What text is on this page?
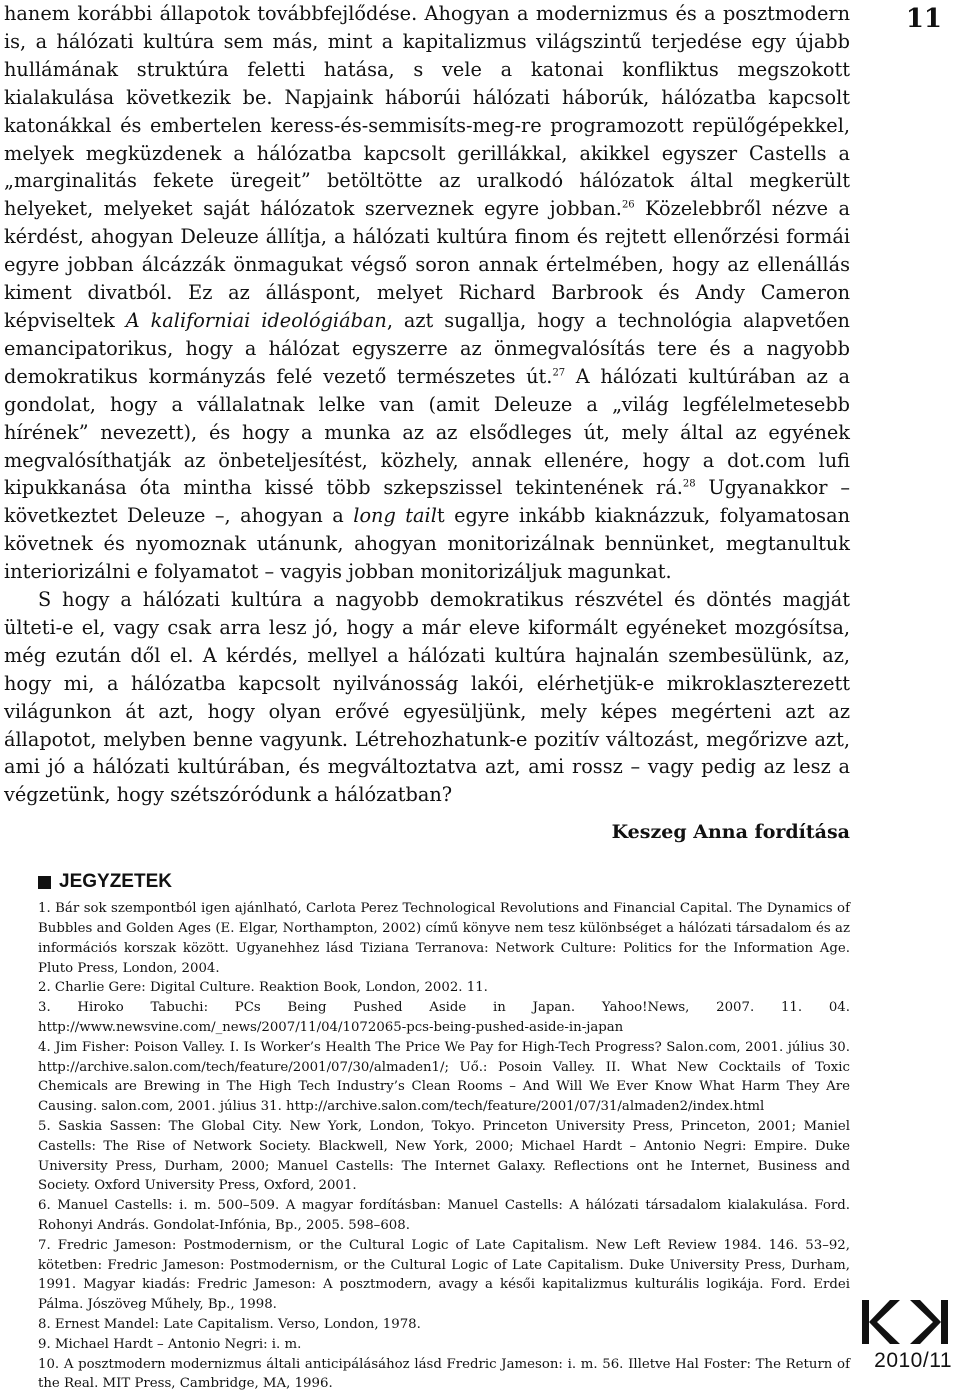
11

hanem korábbi állapotok továbbfejlődése. Ahogyan a modernizmus és a posztmodern is, a hálózati kultúra sem más, mint a kapitalizmus világszintű terjedése egy újabb hullámának struktúra feletti hatása, s vele a katonai konfliktus megszokott kialakulása következik be. Napjaink háborúi hálózati háborúk, hálózatba kapcsolt katonákkal és embertelen keress-és-semmisíts-meg-re programozott repülőgépekkel, melyek megküzdenek a hálózatba kapcsolt gerillákkal, akikkel egyszer Castells a „marginalitás fekete üregeit” betöltötte az uralkodó hálózatok által megkerült helyeket, melyeket saját hálózatok szerveznek egyre jobban.$^{26}$ Közelebbről nézve a kérdést, ahogyan Deleuze állítja, a hálózati kultúra finom és rejtett ellenőrzési formái egyre jobban álcázzák önmagukat végső soron annak értelmében, hogy az ellenállás kiment divatból. Ez az álláspont, melyet Richard Barbrook és Andy Cameron képviseltek A kaliforniai ideológiában, azt sugallja, hogy a technológia alapvetően emancipatorikus, hogy a hálózat egyszerre az önmegvalósítás tere és a nagyobb demokratikus kormányzás felé vezető természetes út.$^{27}$ A hálózati kultúrában az a gondolat, hogy a vállalatnak lelke van (amit Deleuze a „világ legfélelmetesebb hírének” nevezett), és hogy a munka az az elsődleges út, mely által az egyének megvalósíthatják az önbeteljesítést, közhely, annak ellenére, hogy a dot.com lufi kipukkanása óta mintha kissé több szkepszissel tekintenének rá.$^{28}$ Ugyanakkor – következtet Deleuze –, ahogyan a long tailt egyre inkább kiaknázzuk, folyamatosan követnek és nyomoznak utánunk, ahogyan monitorizálnak bennünket, megtanultuk interiorizálni e folyamatot – vagyis jobban monitorizáljuk magunkat.

S hogy a hálózati kultúra a nagyobb demokratikus részvétel és döntés magját ülteti-e el, vagy csak arra lesz jó, hogy a már eleve kiformált egyéneket mozgósítsa, még ezután dől el. A kérdés, mellyel a hálózati kultúra hajnalán szembesülünk, az, hogy mi, a hálózatba kapcsolt nyilvánosság lakói, elérhetjük-e mikroklaszterezett világunkon át azt, hogy olyan erővé egyesüljünk, mely képes megérteni azt az állapotot, melyben benne vagyunk. Létrehozhatunk-e pozitív változást, megőrizve azt, ami jó a hálózati kultúrában, és megváltoztatva azt, ami rossz – vagy pedig az lesz a végzetünk, hogy szétszóródunk a hálózatban?

Keszeg Anna fordítása
JEGYZETEK

1. Bár sok szempontból igen ajánlható, Carlota Perez Technological Revolutions and Financial Capital. The Dynamics of Bubbles and Golden Ages (E. Elgar, Northampton, 2002) című könyve nem tesz különbséget a hálózati társadalom és az információs korszak között. Ugyanehhez lásd Tiziana Terranova: Network Culture: Politics for the Information Age. Pluto Press, London, 2004.

2. Charlie Gere: Digital Culture. Reaktion Book, London, 2002. 11.

3. Hiroko Tabuchi: PCs Being Pushed Aside in Japan. Yahoo!News, 2007. 11. 04. http://www.newsvine.com/_news/2007/11/04/1072065-pcs-being-pushed-aside-in-japan

4. Jim Fisher: Poison Valley. I. Is Worker’s Health The Price We Pay for High-Tech Progress? Salon.com, 2001. július 30. http://archive.salon.com/tech/feature/2001/07/30/almaden1/; Uő.: Posoin Valley. II. What New Cocktails of Toxic Chemicals are Brewing in The High Tech Industry’s Clean Rooms – And Will We Ever Know What Harm They Are Causing. salon.com, 2001. július 31. http://archive.salon.com/tech/feature/2001/07/31/almaden2/index.html

5. Saskia Sassen: The Global City. New York, London, Tokyo. Princeton University Press, Princeton, 2001; Maniel Castells: The Rise of Network Society. Blackwell, New York, 2000; Michael Hardt – Antonio Negri: Empire. Duke University Press, Durham, 2000; Manuel Castells: The Internet Galaxy. Reflections ont he Internet, Business and Society. Oxford University Press, Oxford, 2001.

6. Manuel Castells: i. m. 500–509. A magyar fordításban: Manuel Castells: A hálózati társadalom kialakulása. Ford. Rohonyi András. Gondolat-Infónia, Bp., 2005. 598–608.

7. Fredric Jameson: Postmodernism, or the Cultural Logic of Late Capitalism. New Left Review 1984. 146. 53–92, kötetben: Fredric Jameson: Postmodernism, or the Cultural Logic of Late Capitalism. Duke University Press, Durham, 1991. Magyar kiadás: Fredric Jameson: A posztmodern, avagy a késői kapitalizmus kulturális logikája. Ford. Erdei Pálma. Jószöveg Műhely, Bp., 1998.

8. Ernest Mandel: Late Capitalism. Verso, London, 1978.

9. Michael Hardt – Antonio Negri: i. m.

10. A posztmodern modernizmus általi anticipálásához lásd Fredric Jameson: i. m. 56. Illetve Hal Foster: The Return of the Real. MIT Press, Cambridge, MA, 1996.

2010/11
